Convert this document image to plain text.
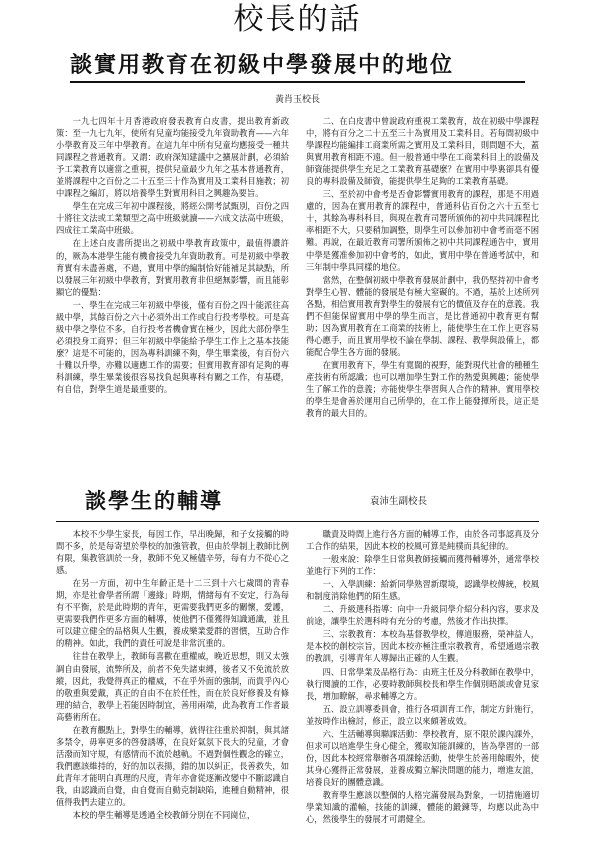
校長的話
談實用教育在初級中學發展中的地位
黃肖玉校長

一九七四年十月香港政府發表教育白皮書，提出教育新政策：至一九七九年，使所有兒童均能接受九年資助教育——六年小學教育及三年中學教育。在這九年中所有兒童均應接受一種共同課程之普通教育。又謂：政府深知建議中之擴展計劃，必須給予工業教育以適當之重視，提供兒童最少九年之基本普通教育，並將課程中之百份之二十五至三十作為實用及工業科目施教；初中課程之編訂，將以培養學生對實用科目之興趣為要旨。

學生在完成三年初中課程後，將經公開考試甄別，百份之四十將往文法或工業類型之高中班級就讀——六成文法高中班級，四成往工業高中班級。

在上述白皮書所提出之初級中學教育政策中，最值得讚許的，厥為本港學生能有機會接受九年資助教育。可是初級中學教育實有未盡善處，不過，實用中學的編制恰好能補足其缺點，所以發展三年初級中學教育，對實用教育非但絕無影響，而且能彰顯它的優點：

一、學生在完成三年初級中學後，僅有百份之四十能派往高級中學，其餘百份之六十必須外出工作或自行投考學校。可是高級中學之學位不多，自行投考者機會實在極少，因此大部份學生必須投身工商界；但三年初級中學能給予學生工作上之基本技能麼？這是不可能的，因為專科訓練不夠，學生畢業後，有百份六十難以升學，亦難以適應工作的需要；但實用教育卻有足夠的專科訓練，學生畢業後很容易找負起與專科有關之工作，有基礎，有自信，對學生道是最重要的。

二、在白皮書中曾說政府重視工業教育，故在初級中學課程中，將有百分之二十五至三十為實用及工業科目。若每間初級中學課程均能編排工商業所需之實用及工業科目，則問題不大，蓋與實用教育相距不遠。但一般普通中學在工商業科目上的設備及師資能提供學生充足之工業教育基礎麼？在實用中學裏卻具有優良的專科設備及師資，能提供學生足夠的工業教育基礎。

三、至於初中會考是否會影響實用教育的課程，那是不用過慮的，因為在實用教育的課程中，普通科佔百份之六十五至七十，其餘為專科科目，與現在教育司署所頒佈的初中共同課程比率相距不大，只要稍加調整，則學生可以參加初中會考而毫不困難。再說，在最近教育司署所頒佈之初中共同課程通告中，實用中學是獲准參加初中會考的，如此，實用中學在普通考試中，和三年制中學具同樣的地位。

當然，在整個初級中學教育發展計劃中，我仍堅持初中會考對學生心智、體能的發展是有極大窒礙的。不過，基於上述所列各點，相信實用教育對學生的發展有它的價值及存在的意義。我們不但能保留實用中學的學生而言，是比普通初中教育更有幫助；因為實用教育在工商業的技術上，能使學生在工作上更容易得心應手，而且實用學校不論在學制、課程、教學與設備上，都能配合學生各方面的發展。

在實用教育下，學生有寬闊的視野，能對現代社會的種種生產技術有所認識；也可以增加學生對工作的熱愛與興趣；能使學生了解工作的意義；亦能使學生學習與人合作的精神。實用學校的學生是會善於運用自己所學的，在工作上能發揮所長，這正是教育的最大目的。

談學生的輔導	袁沛生副校長

本校不少學生家長，每因工作，早出晚歸，和子女接觸的時間不多，於是每寄望於學校的加強管教，但由於學制上教師比例有限，集教管訓於一身，教師不免又極儘辛勞，每有力不從心之感。

在另一方面，初中生年齡正是十二三到十六七歲間的青春期，亦是社會學者所謂「邊緣」時期，情緒每有不安定，行為每有不平衡，於是此時期的青年，更需要我們更多的關懷，愛護，更需要我們作更多方面的輔導，使他們不僅獲得知識通識，並且可以建立健全的品格與人生觀，養成樂業愛群的習慣，互助合作的精神。如此，我們的責任可說是非常沉重的。

往昔在教學上，教師每喜歡在重權威，晚近思想，則又太強調自由發展，流弊所及，前者不免失諸束縛，後者又不免流於放縱，因此，我覺得真正的權威，不在乎外面的強制，而貴乎內心的敬重與愛戴，真正的自由不在於任性，而在於良好修養及有條理的結合，教學上若能因時制宜，善用兩端，此為教育工作者最高藝術所在。

在教育觀點上，對學生的輔導，就得往往重於抑制，與其諸多禁令，毋寧更多的啓發誘導，在良好氣氛下長大的兒童，才會活潑而知守規，有感情而不流於越軌。不過對個性觀念的確立，我們應該維持的，好的加以表揚，錯的加以糾正，長善救失，如此青年才能明白真理的尺度，青年亦會從逐漸改變中不斷認識自我，由認識而自覺，由自覺而自動克制缺陷，進種自動精神，很值得我們去建立的。

本校的學生輔導是透過全校教師分別在不同崗位，

職責及時間上進行各方面的輔導工作，由於各司事認真及分工合作的結果，因此本校的校風可算是純樸而具紀律的。

一般來說：除學生日常與教師接觸而獲得輔導外，通常學校並進行下列的工作：

一、入學訓練：給新同學熟習新環境，認識學校傳統，校風和制度消除他們的陌生感。

二、升級選科指導：向中一升級同學介紹分科內容，要求及前途，讓學生於選科時有充分的考慮，然後才作出抉擇。

三、宗教教育：本校為基督教學校，傳道服務，榮神益人，是本校的創校宗旨，因此本校亦極注重宗教教育，希望通過宗教的教訓，引導青年人導歸出正確的人生觀。

四、日常學業及品格行為：由班主任及分科教師在教學中，執行閱讀的工作，必要時教師與校長和學生作個別晤談或會見家長，增加瞭解，尋求輔導之方。

五、設立訓導委員會，推行各項訓育工作，制定方針施行，並按時作出檢討，修正，設立以來頗著成效。

六、生活輔導與聯課活動：學校教育，原不限於課內課外，但求可以培進學生身心健全，獲取知能訓練的，皆為學習的一部份，因此本校經常舉辦各項課餘活動，使學生於善用餘暇外，使其身心獲得正常發展，並養成獨立解決問題的能力，增進友誼，培養良好的團體意識。

教育學生應該以整個的人格完滿發展為對象，一切措施適切學業知識的灌輸，技能的訓練，體能的鍛鍊等，均應以此為中心，然後學生的發展才可謂健全。
